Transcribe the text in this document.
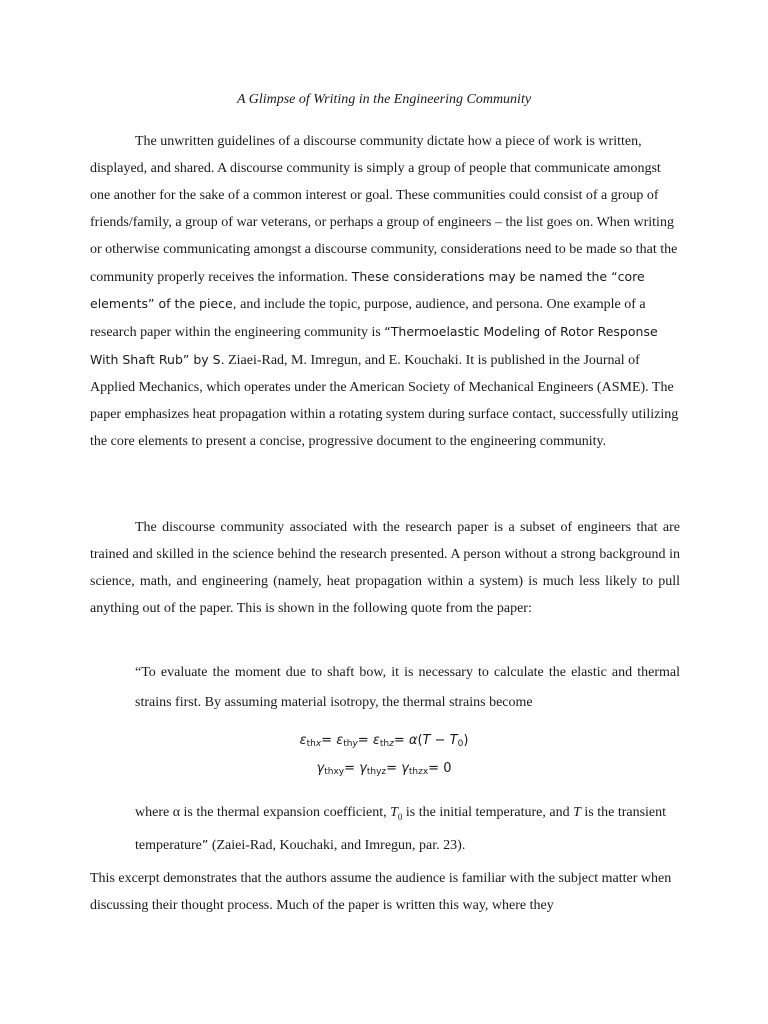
A Glimpse of Writing in the Engineering Community
The unwritten guidelines of a discourse community dictate how a piece of work is written, displayed, and shared. A discourse community is simply a group of people that communicate amongst one another for the sake of a common interest or goal. These communities could consist of a group of friends/family, a group of war veterans, or perhaps a group of engineers – the list goes on. When writing or otherwise communicating amongst a discourse community, considerations need to be made so that the community properly receives the information. These considerations may be named the “core elements” of the piece, and include the topic, purpose, audience, and persona. One example of a research paper within the engineering community is “Thermoelastic Modeling of Rotor Response With Shaft Rub” by S. Ziaei-Rad, M. Imregun, and E. Kouchaki. It is published in the Journal of Applied Mechanics, which operates under the American Society of Mechanical Engineers (ASME). The paper emphasizes heat propagation within a rotating system during surface contact, successfully utilizing the core elements to present a concise, progressive document to the engineering community.
The discourse community associated with the research paper is a subset of engineers that are trained and skilled in the science behind the research presented. A person without a strong background in science, math, and engineering (namely, heat propagation within a system) is much less likely to pull anything out of the paper. This is shown in the following quote from the paper:
“To evaluate the moment due to shaft bow, it is necessary to calculate the elastic and thermal strains first. By assuming material isotropy, the thermal strains become
$\varepsilon_{thx}= \varepsilon_{thy}= \varepsilon_{thz}= \alpha(T - T_0)$
$\gamma_{thxy}= \gamma_{thyz}= \gamma_{thzx}= 0$
where α is the thermal expansion coefficient, $T_0$ is the initial temperature, and T is the transient temperature” (Zaiei-Rad, Kouchaki, and Imregun, par. 23).
This excerpt demonstrates that the authors assume the audience is familiar with the subject matter when discussing their thought process. Much of the paper is written this way, where they
